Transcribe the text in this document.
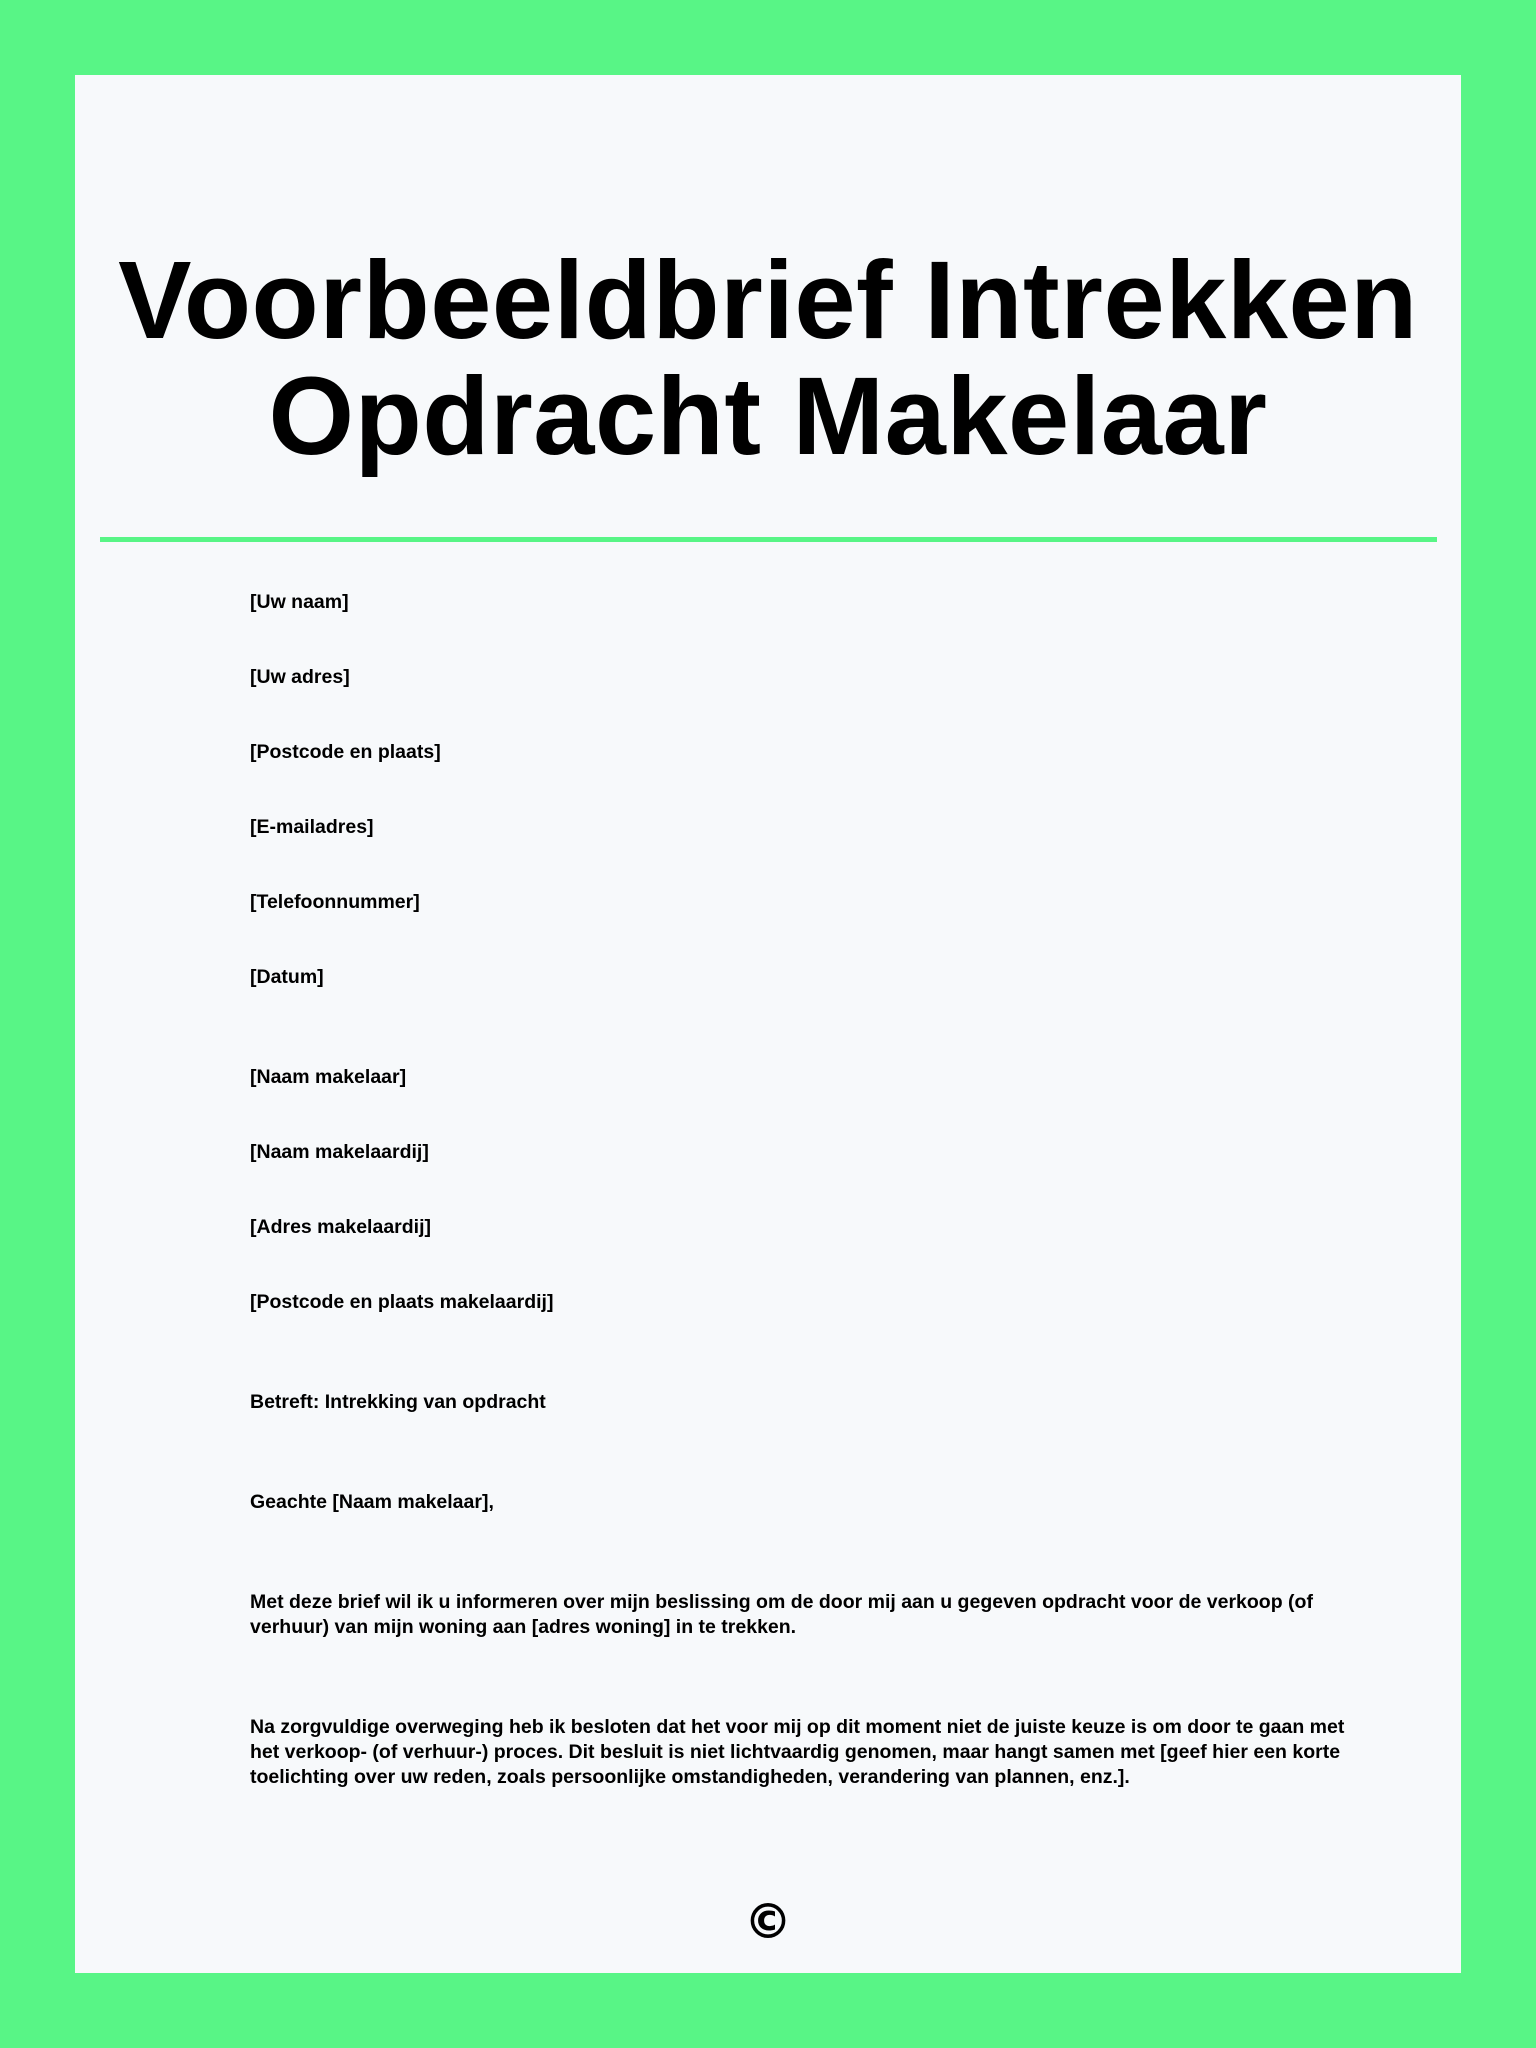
Voorbeeldbrief Intrekken
Opdracht Makelaar
[Uw naam]
[Uw adres]
[Postcode en plaats]
[E-mailadres]
[Telefoonnummer]
[Datum]
[Naam makelaar]
[Naam makelaardij]
[Adres makelaardij]
[Postcode en plaats makelaardij]
Betreft: Intrekking van opdracht
Geachte [Naam makelaar],
Met deze brief wil ik u informeren over mijn beslissing om de door mij aan u gegeven opdracht voor de verkoop (of verhuur) van mijn woning aan [adres woning] in te trekken.
Na zorgvuldige overweging heb ik besloten dat het voor mij op dit moment niet de juiste keuze is om door te gaan met het verkoop- (of verhuur-) proces. Dit besluit is niet lichtvaardig genomen, maar hangt samen met [geef hier een korte toelichting over uw reden, zoals persoonlijke omstandigheden, verandering van plannen, enz.].
©
